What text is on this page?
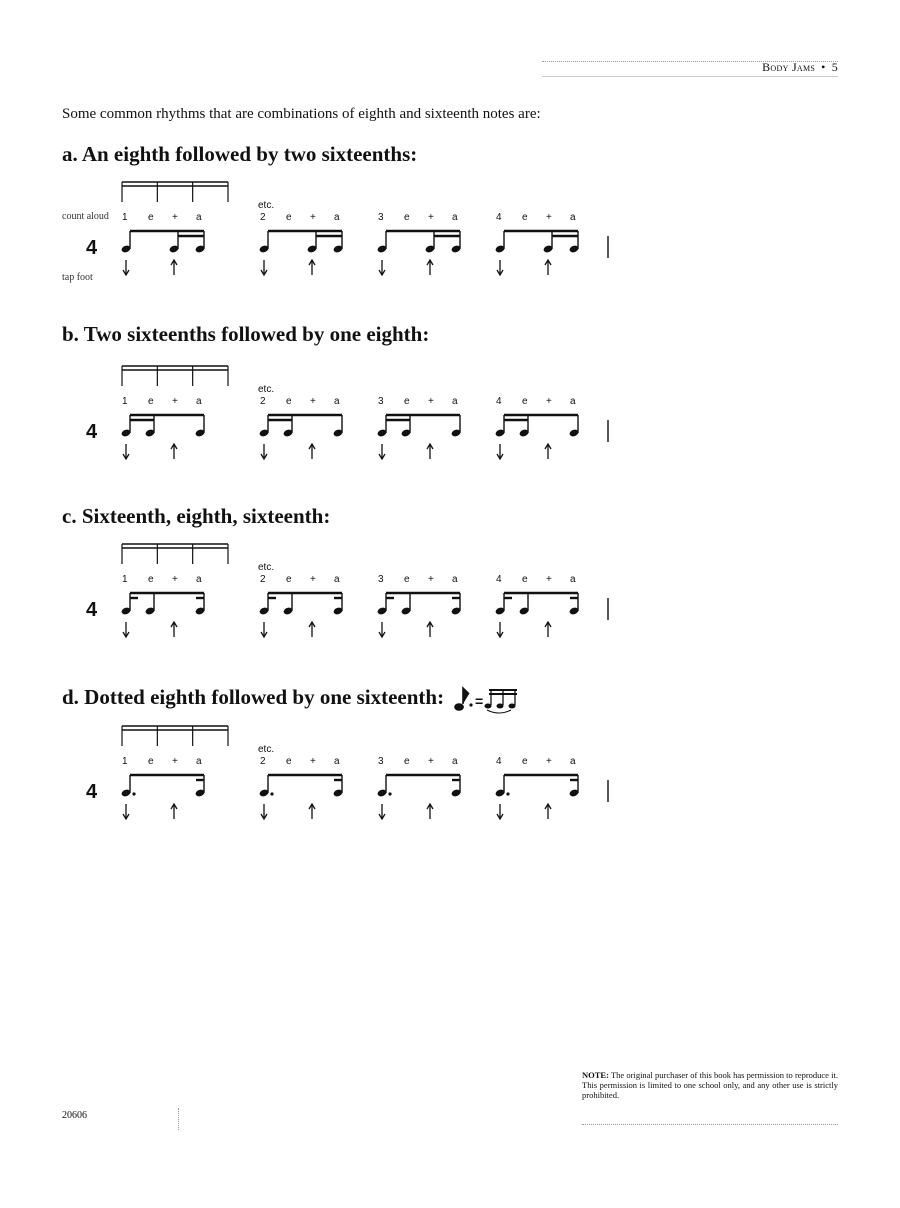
Body Jams • 5
Some common rhythms that are combinations of eighth and sixteenth notes are:
a. An eighth followed by two sixteenths:
count aloud
tap foot
4
etc.
1 e + a	2 e + a	3 e + a	4 e + a
b. Two sixteenths followed by one eighth:
4
etc.
1 e + a	2 e + a	3 e + a	4 e + a
c. Sixteenth, eighth, sixteenth:
4
etc.
1 e + a	2 e + a	3 e + a	4 e + a
d. Dotted eighth followed by one sixteenth: =
4
etc.
1 e + a	2 e + a	3 e + a	4 e + a
NOTE: The original purchaser of this book has permission to reproduce it. This permission is limited to one school only, and any other use is strictly prohibited.
20606
